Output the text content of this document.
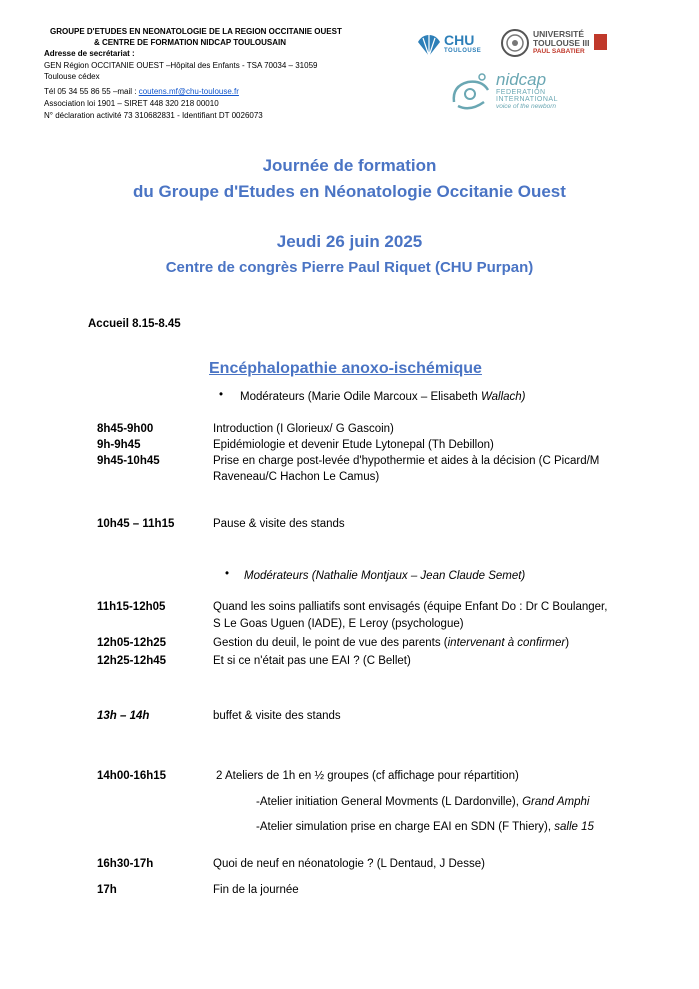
GROUPE D'ETUDES EN NEONATOLOGIE DE LA REGION OCCITANIE OUEST
& CENTRE DE FORMATION NIDCAP TOULOUSAIN
Adresse de secrétariat :
GEN Région OCCITANIE OUEST –Hôpital des Enfants - TSA 70034 – 31059
Toulouse cédex
Tél 05 34 55 86 55 –mail : coutens.mf@chu-toulouse.fr
Association loi 1901 – SIRET 448 320 218 00010
N° déclaration activité 73 310682831 - Identifiant DT 0026073
CHU
TOULOUSE
UNIVERSITÉ
TOULOUSE III
PAUL SABATIER
nidcap
FEDERATION
INTERNATIONAL
voice of the newborn
Journée de formation
du Groupe d'Etudes en Néonatologie Occitanie Ouest
Jeudi 26 juin 2025
Centre de congrès Pierre Paul Riquet (CHU Purpan)
Accueil 8.15-8.45
Encéphalopathie anoxo-ischémique
• Modérateurs (Marie Odile Marcoux – Elisabeth Wallach)
8h45-9h00	Introduction (I Glorieux/ G Gascoin)
9h-9h45	Epidémiologie et devenir Etude Lytonepal (Th Debillon)
9h45-10h45	Prise en charge post-levée d'hypothermie et aides à la décision (C Picard/M
Raveneau/C Hachon Le Camus)
10h45 – 11h15	Pause & visite des stands
• Modérateurs (Nathalie Montjaux – Jean Claude Semet)
11h15-12h05	Quand les soins palliatifs sont envisagés (équipe Enfant Do : Dr C Boulanger,
S Le Goas Uguen (IADE), E Leroy (psychologue)
12h05-12h25	Gestion du deuil, le point de vue des parents (intervenant à confirmer)
12h25-12h45	Et si ce n'était pas une EAI ? (C Bellet)
13h – 14h	buffet & visite des stands
14h00-16h15	2 Ateliers de 1h en ½ groupes (cf affichage pour répartition)
-Atelier initiation General Movments (L Dardonville), Grand Amphi
-Atelier simulation prise en charge EAI en SDN (F Thiery), salle 15
16h30-17h	Quoi de neuf en néonatologie ? (L Dentaud, J Desse)
17h	Fin de la journée
